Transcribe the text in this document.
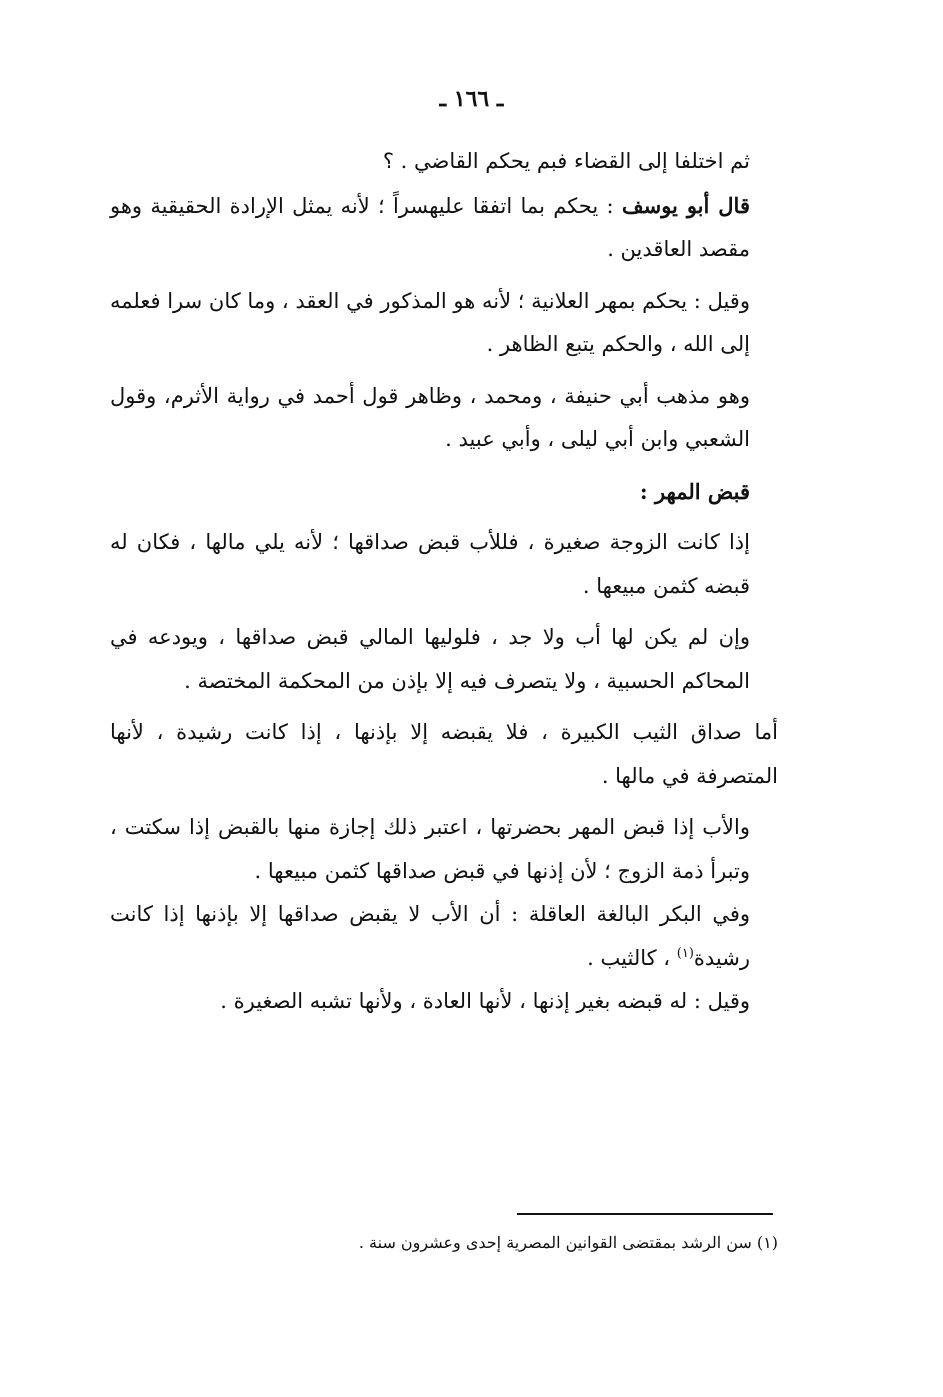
ـ ١٦٦ ـ

ثم اختلفا إلى القضاء فبم يحكم القاضي . ؟

قال أبو يوسف : يحكم بما اتفقا عليهسراً ؛ لأنه يمثل الإرادة الحقيقية وهو مقصد العاقدين .

وقيل : يحكم بمهر العلانية ؛ لأنه هو المذكور في العقد ، وما كان سرا فعلمه إلى الله ، والحكم يتبع الظاهر .

وهو مذهب أبي حنيفة ، ومحمد ، وظاهر قول أحمد في رواية الأثرم، وقول الشعبي وابن أبي ليلى ، وأبي عبيد .

قبض المهر :

إذا كانت الزوجة صغيرة ، فللأب قبض صداقها ؛ لأنه يلي مالها ، فكان له قبضه كثمن مبيعها .

وإن لم يكن لها أب ولا جد ، فلوليها المالي قبض صداقها ، ويودعه في المحاكم الحسبية ، ولا يتصرف فيه إلا بإذن من المحكمة المختصة .

أما صداق الثيب الكبيرة ، فلا يقبضه إلا بإذنها ، إذا كانت رشيدة ، لأنها المتصرفة في مالها .

والأب إذا قبض المهر بحضرتها ، اعتبر ذلك إجازة منها بالقبض إذا سكتت ، وتبرأ ذمة الزوج ؛ لأن إذنها في قبض صداقها كثمن مبيعها .

وفي البكر البالغة العاقلة : أن الأب لا يقبض صداقها إلا بإذنها إذا كانت رشيدة$^{(١)}$ ، كالثيب .

وقيل : له قبضه بغير إذنها ، لأنها العادة ، ولأنها تشبه الصغيرة .

(١) سن الرشد بمقتضى القوانين المصرية إحدى وعشرون سنة .
